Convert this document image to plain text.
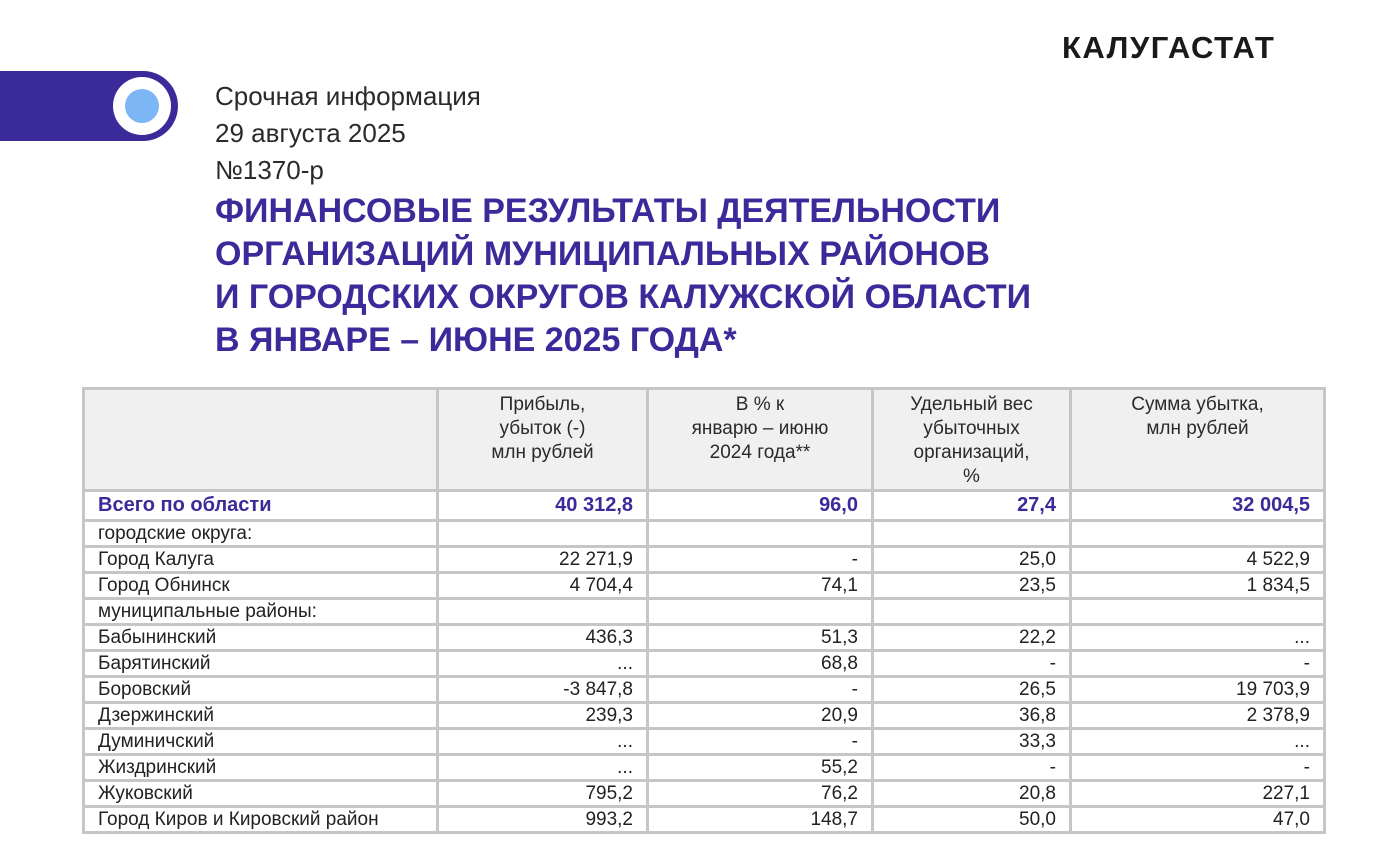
КАЛУГАСТАТ
Срочная информация
29 августа 2025
№1370-р
ФИНАНСОВЫЕ РЕЗУЛЬТАТЫ ДЕЯТЕЛЬНОСТИ
ОРГАНИЗАЦИЙ МУНИЦИПАЛЬНЫХ РАЙОНОВ
И ГОРОДСКИХ ОКРУГОВ КАЛУЖСКОЙ ОБЛАСТИ
В ЯНВАРЕ – ИЮНЕ 2025 ГОДА*

	Прибыль,
убыток (-)
млн рублей	В % к
январю – июню
2024 года**	Удельный вес
убыточных
организаций,
%	Сумма убытка,
млн рублей

Всего по области	40 312,8	96,0	27,4	32 004,5
городские округа:				
Город Калуга	22 271,9	-	25,0	4 522,9
Город Обнинск	4 704,4	74,1	23,5	1 834,5
муниципальные районы:				
Бабынинский	436,3	51,3	22,2	...
Барятинский	...	68,8	-	-
Боровский	-3 847,8	-	26,5	19 703,9
Дзержинский	239,3	20,9	36,8	2 378,9
Думиничский	...	-	33,3	...
Жиздринский	...	55,2	-	-
Жуковский	795,2	76,2	20,8	227,1
Город Киров и Кировский район	993,2	148,7	50,0	47,0
